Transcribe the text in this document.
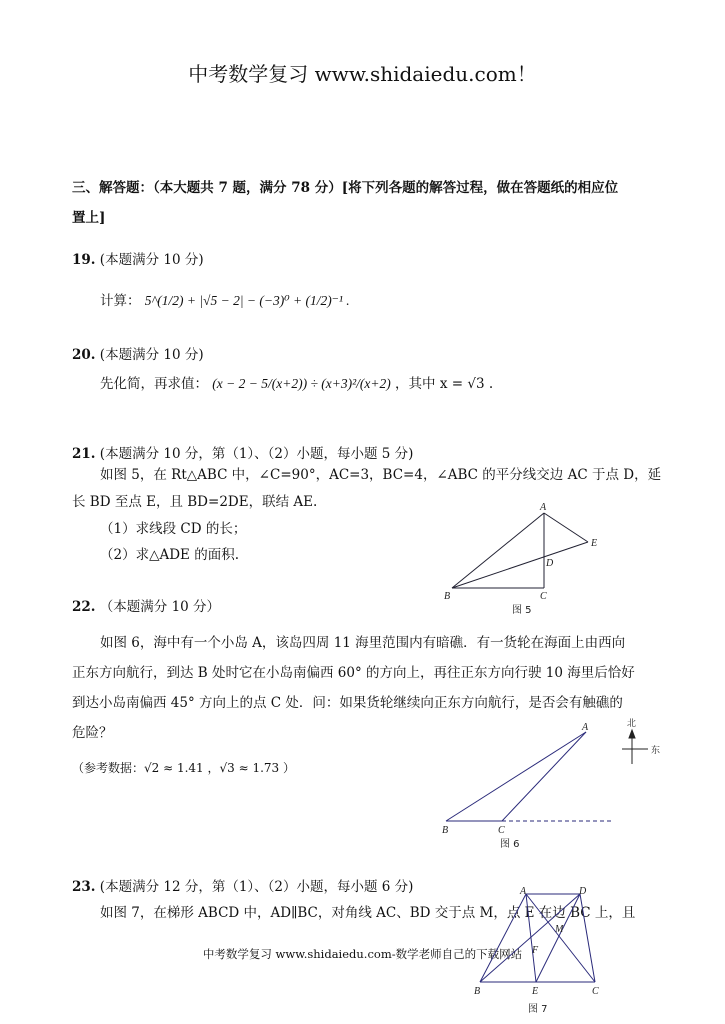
中考数学复习 www.shidaiedu.com！
三、解答题：（本大题共 7 题，满分 78 分）[将下列各题的解答过程，做在答题纸的相应位
置上]
19. (本题满分 10 分)
计算： 5^(1/2) + |√5 − 2| − (−3)⁰ + (1/2)⁻¹ .
20. (本题满分 10 分)
先化简，再求值： (x − 2 − 5/(x+2)) ÷ (x+3)²/(x+2) ，其中 x = √3 .
21. (本题满分 10 分，第（1）、（2）小题，每小题 5 分)
如图 5，在 Rt△ABC 中，∠C=90°，AC=3，BC=4，∠ABC 的平分线交边 AC 于点 D，延
长 BD 至点 E，且 BD=2DE，联结 AE.
（1）求线段 CD 的长；
（2）求△ADE 的面积.
A
E
D
B	C
图 5
22. （本题满分 10 分）
如图 6，海中有一个小岛 A，该岛四周 11 海里范围内有暗礁．有一货轮在海面上由西向
正东方向航行，到达 B 处时它在小岛南偏西 60° 的方向上，再往正东方向行驶 10 海里后恰好
到达小岛南偏西 45° 方向上的点 C 处．问：如果货轮继续向正东方向航行，是否会有触礁的
危险？
（参考数据：√2 ≈ 1.41 ，√3 ≈ 1.73 ）
A
B	C
北
东
图 6
23. (本题满分 12 分，第（1）、（2）小题，每小题 6 分)
如图 7，在梯形 ABCD 中，AD∥BC，对角线 AC、BD 交于点 M，点 E 在边 BC 上，且
中考数学复习 www.shidaiedu.com-数学老师自己的下载网站
A	D
M
F
B	E	C
图 7
